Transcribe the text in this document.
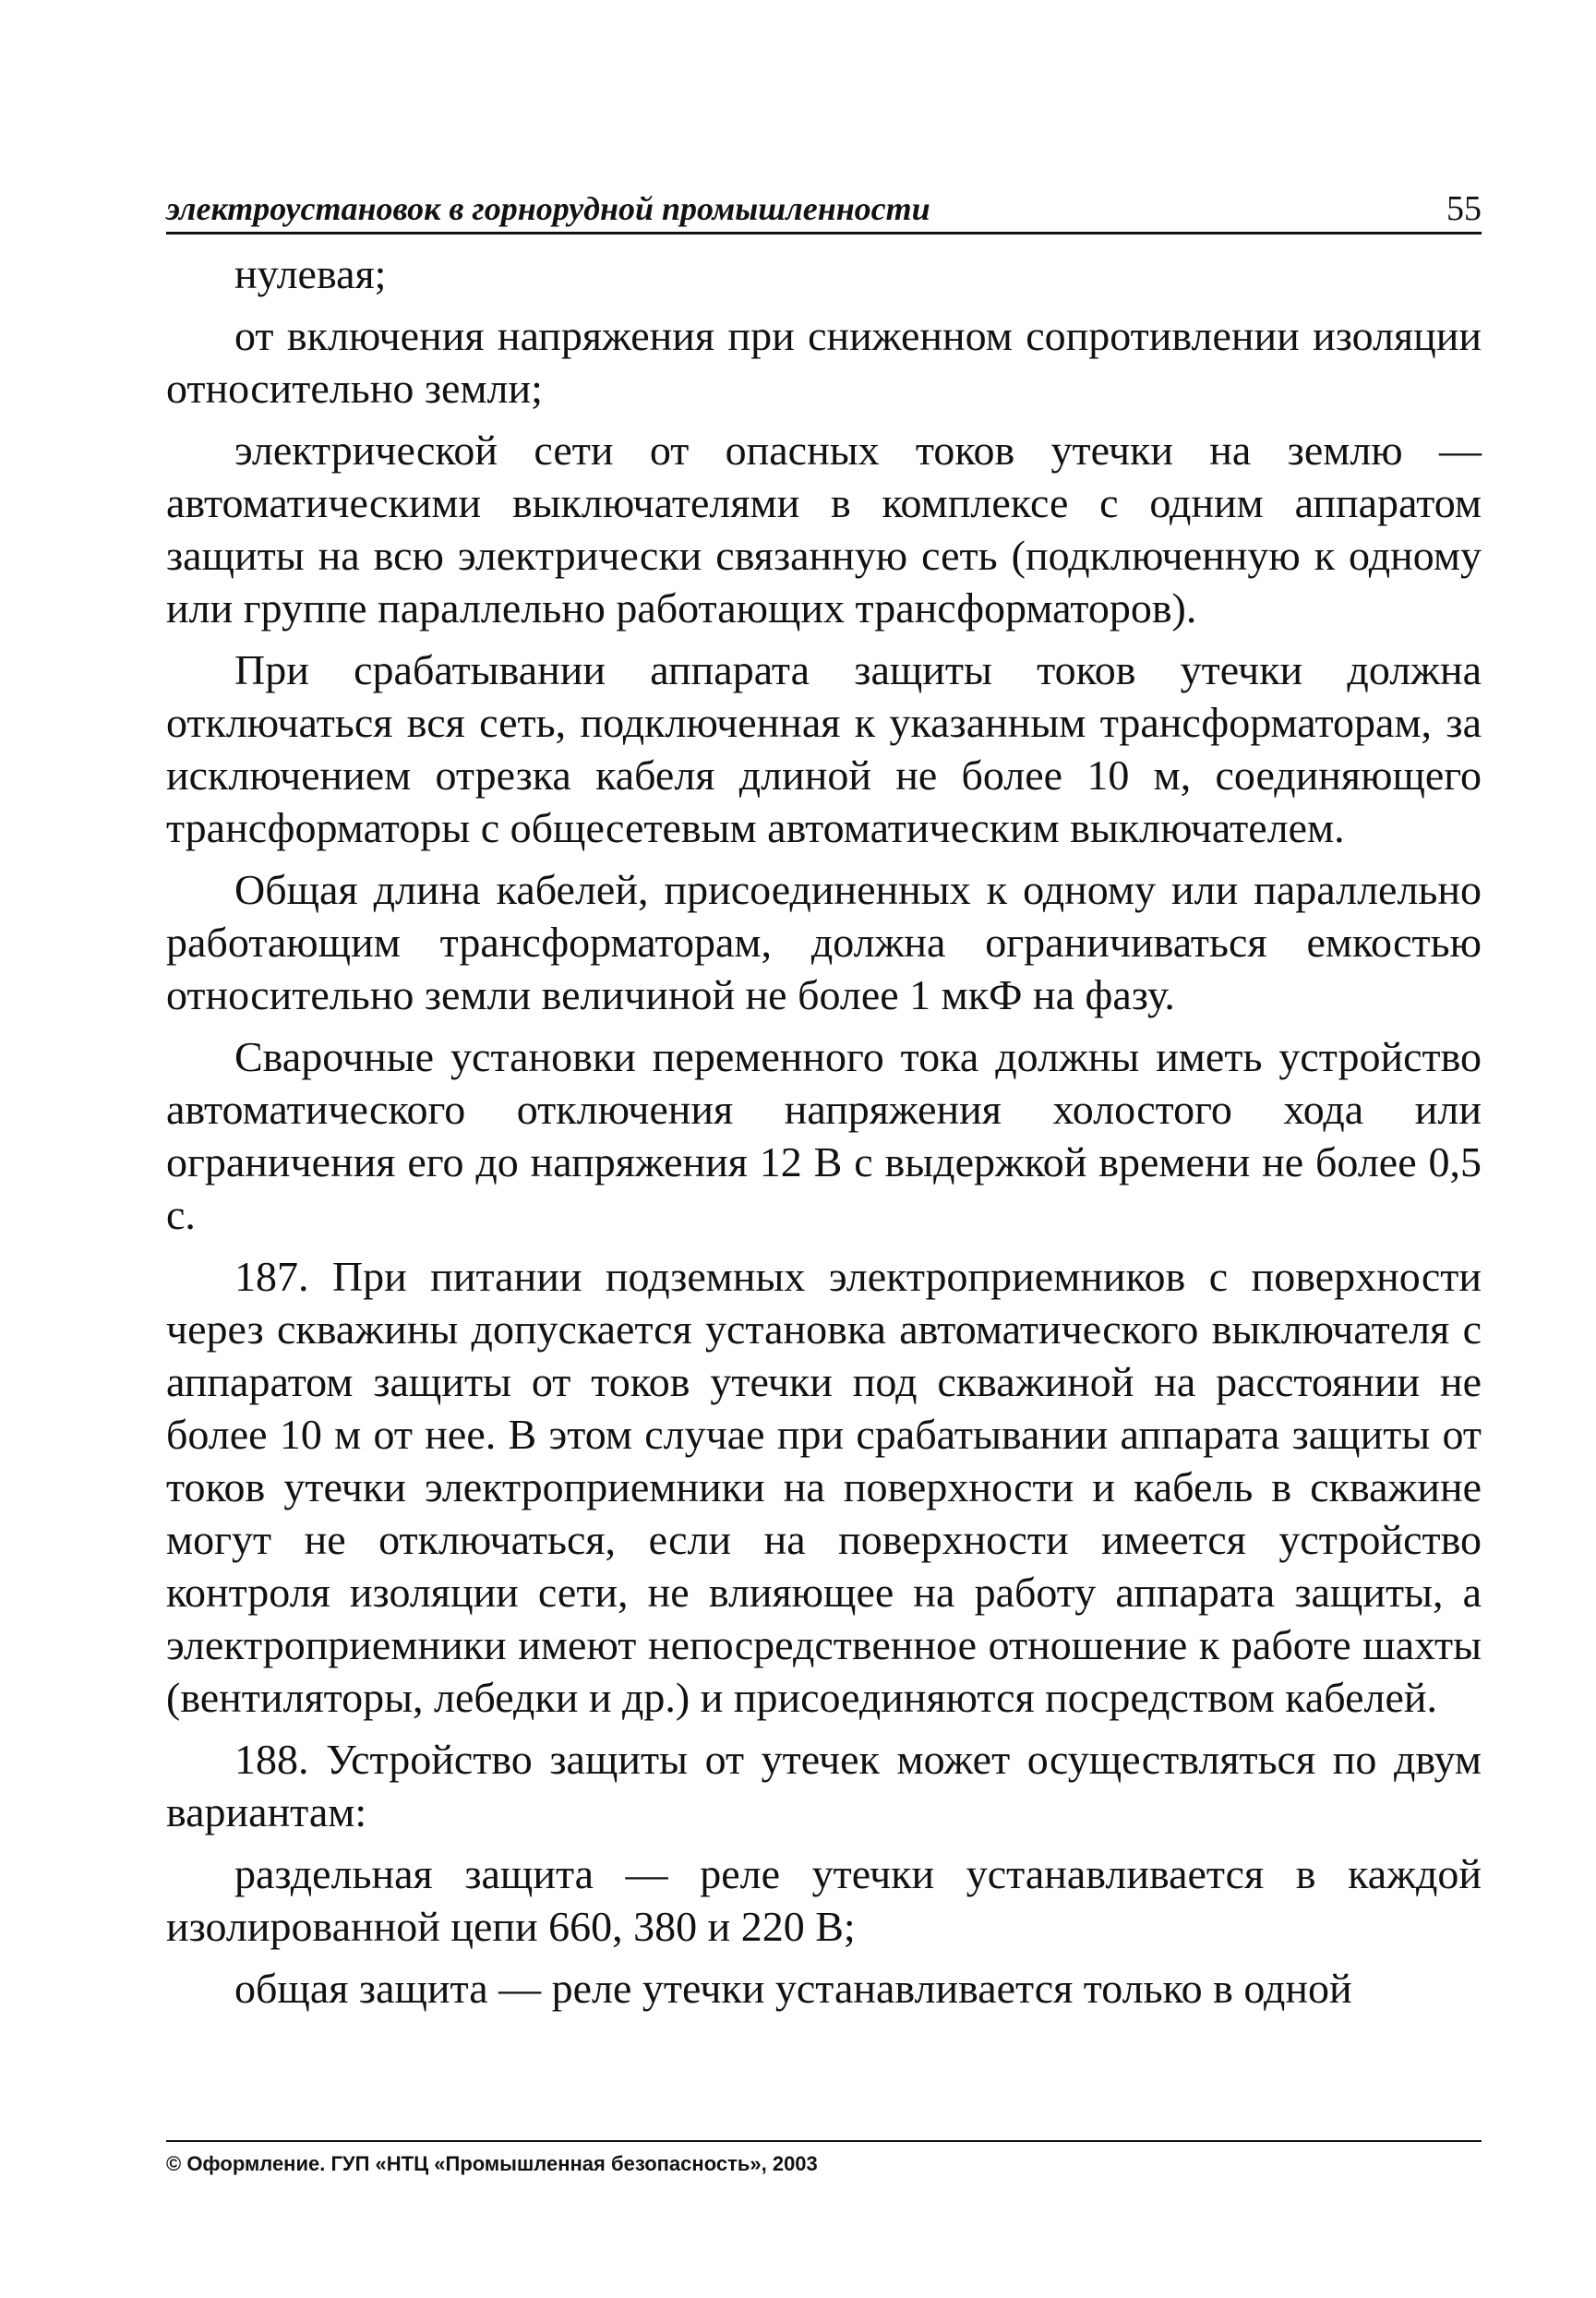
электроустановок в горнорудной промышленности	55

нулевая;

от включения напряжения при сниженном сопротивлении изоляции относительно земли;

электрической сети от опасных токов утечки на землю — автоматическими выключателями в комплексе с одним аппаратом защиты на всю электрически связанную сеть (подключенную к одному или группе параллельно работающих трансформаторов).

При срабатывании аппарата защиты токов утечки должна отключаться вся сеть, подключенная к указанным трансформаторам, за исключением отрезка кабеля длиной не более 10 м, соединяющего трансформаторы с общесетевым автоматическим выключателем.

Общая длина кабелей, присоединенных к одному или параллельно работающим трансформаторам, должна ограничиваться емкостью относительно земли величиной не более 1 мкФ на фазу.

Сварочные установки переменного тока должны иметь устройство автоматического отключения напряжения холостого хода или ограничения его до напряжения 12 В с выдержкой времени не более 0,5 с.

187. При питании подземных электроприемников с поверхности через скважины допускается установка автоматического выключателя с аппаратом защиты от токов утечки под скважиной на расстоянии не более 10 м от нее. В этом случае при срабатывании аппарата защиты от токов утечки электроприемники на поверхности и кабель в скважине могут не отключаться, если на поверхности имеется устройство контроля изоляции сети, не влияющее на работу аппарата защиты, а электроприемники имеют непосредственное отношение к работе шахты (вентиляторы, лебедки и др.) и присоединяются посредством кабелей.

188. Устройство защиты от утечек может осуществляться по двум вариантам:

раздельная защита — реле утечки устанавливается в каждой изолированной цепи 660, 380 и 220 В;

общая защита — реле утечки устанавливается только в одной

© Оформление. ГУП «НТЦ «Промышленная безопасность», 2003
